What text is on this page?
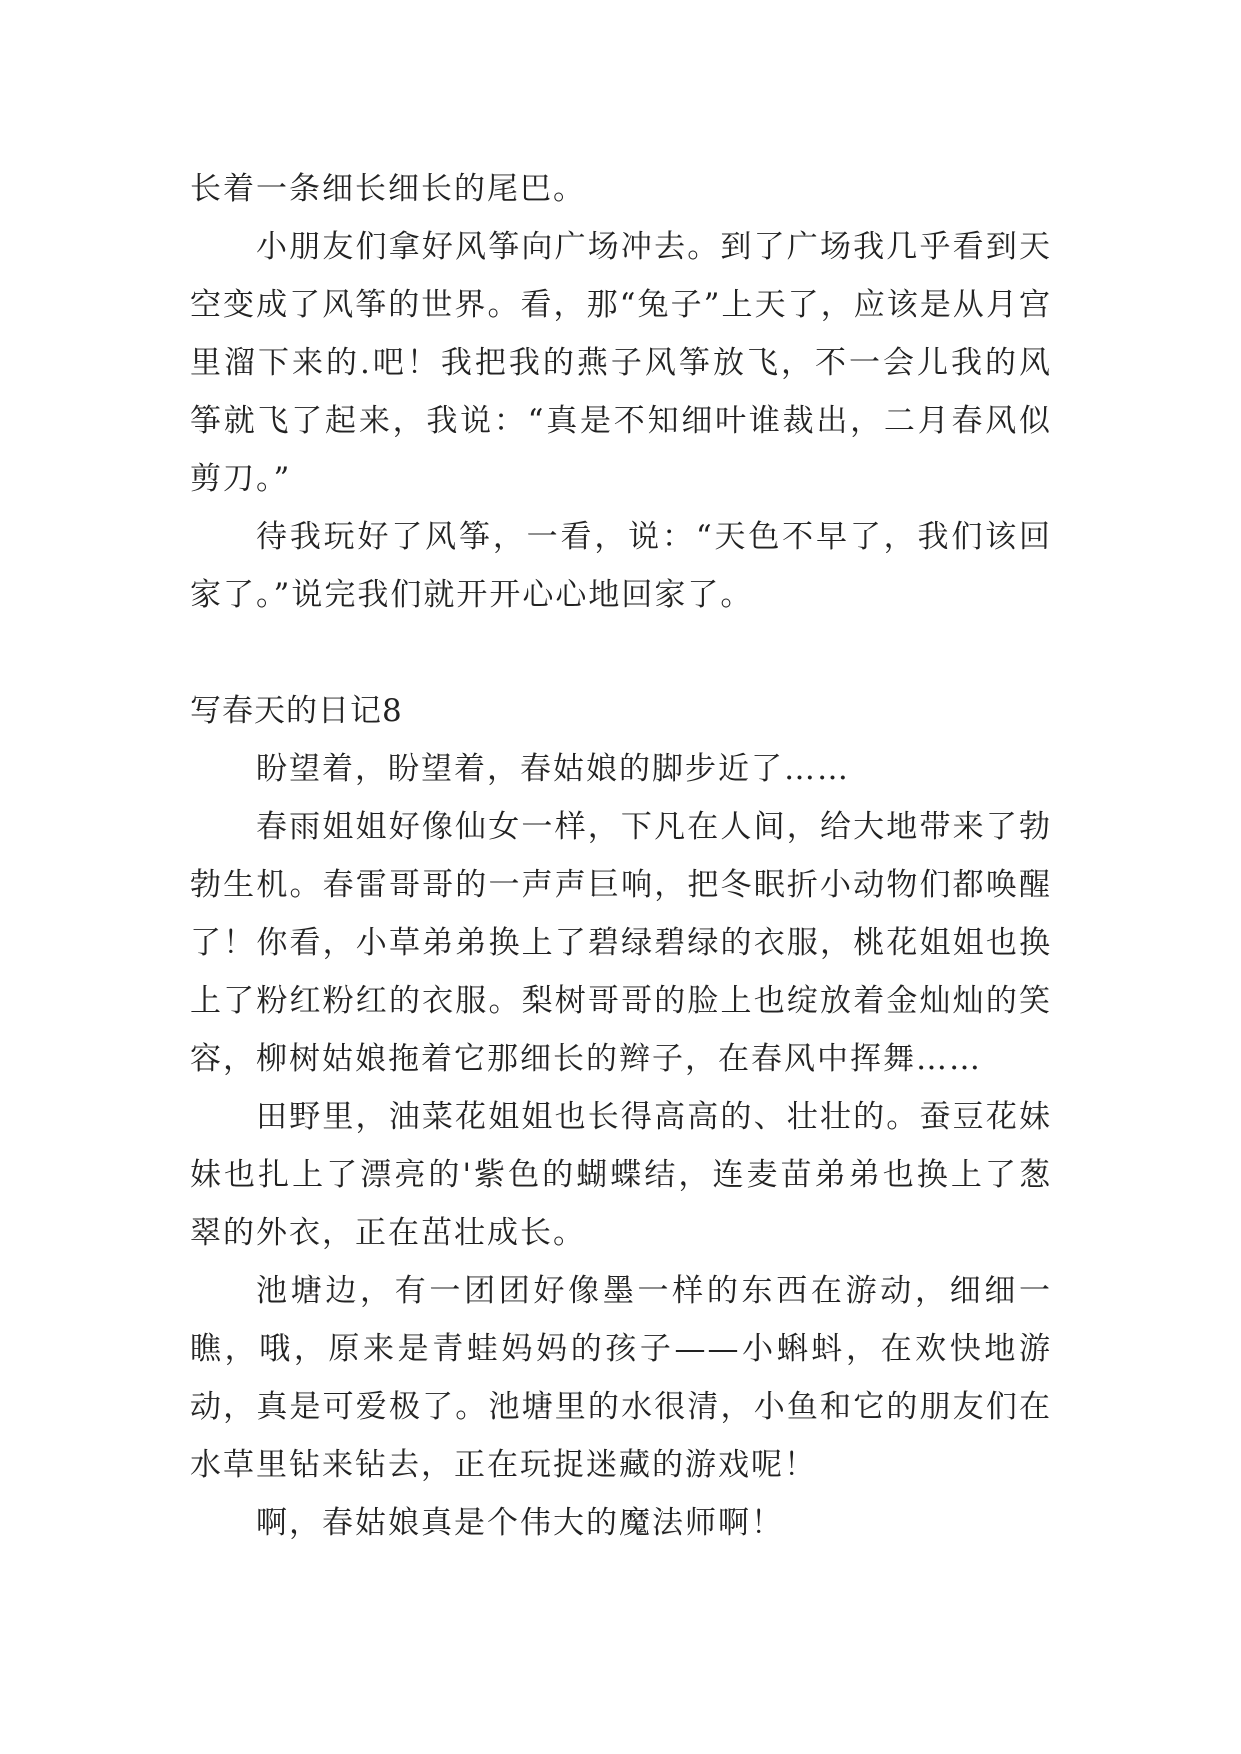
长着一条细长细长的尾巴。

小朋友们拿好风筝向广场冲去。到了广场我几乎看到天空变成了风筝的世界。看，那“兔子”上天了，应该是从月宫里溜下来的.吧！我把我的燕子风筝放飞，不一会儿我的风筝就飞了起来，我说：“真是不知细叶谁裁出，二月春风似剪刀。”

待我玩好了风筝，一看，说：“天色不早了，我们该回家了。”说完我们就开开心心地回家了。

写春天的日记8

盼望着，盼望着，春姑娘的脚步近了……

春雨姐姐好像仙女一样，下凡在人间，给大地带来了勃勃生机。春雷哥哥的一声声巨响，把冬眠折小动物们都唤醒了！你看，小草弟弟换上了碧绿碧绿的衣服，桃花姐姐也换上了粉红粉红的衣服。梨树哥哥的脸上也绽放着金灿灿的笑容，柳树姑娘拖着它那细长的辫子，在春风中挥舞……

田野里，油菜花姐姐也长得高高的、壮壮的。蚕豆花妹妹也扎上了漂亮的'紫色的蝴蝶结，连麦苗弟弟也换上了葱翠的外衣，正在茁壮成长。

池塘边，有一团团好像墨一样的东西在游动，细细一瞧，哦，原来是青蛙妈妈的孩子——小蝌蚪，在欢快地游动，真是可爱极了。池塘里的水很清，小鱼和它的朋友们在水草里钻来钻去，正在玩捉迷藏的游戏呢！

啊，春姑娘真是个伟大的魔法师啊！
